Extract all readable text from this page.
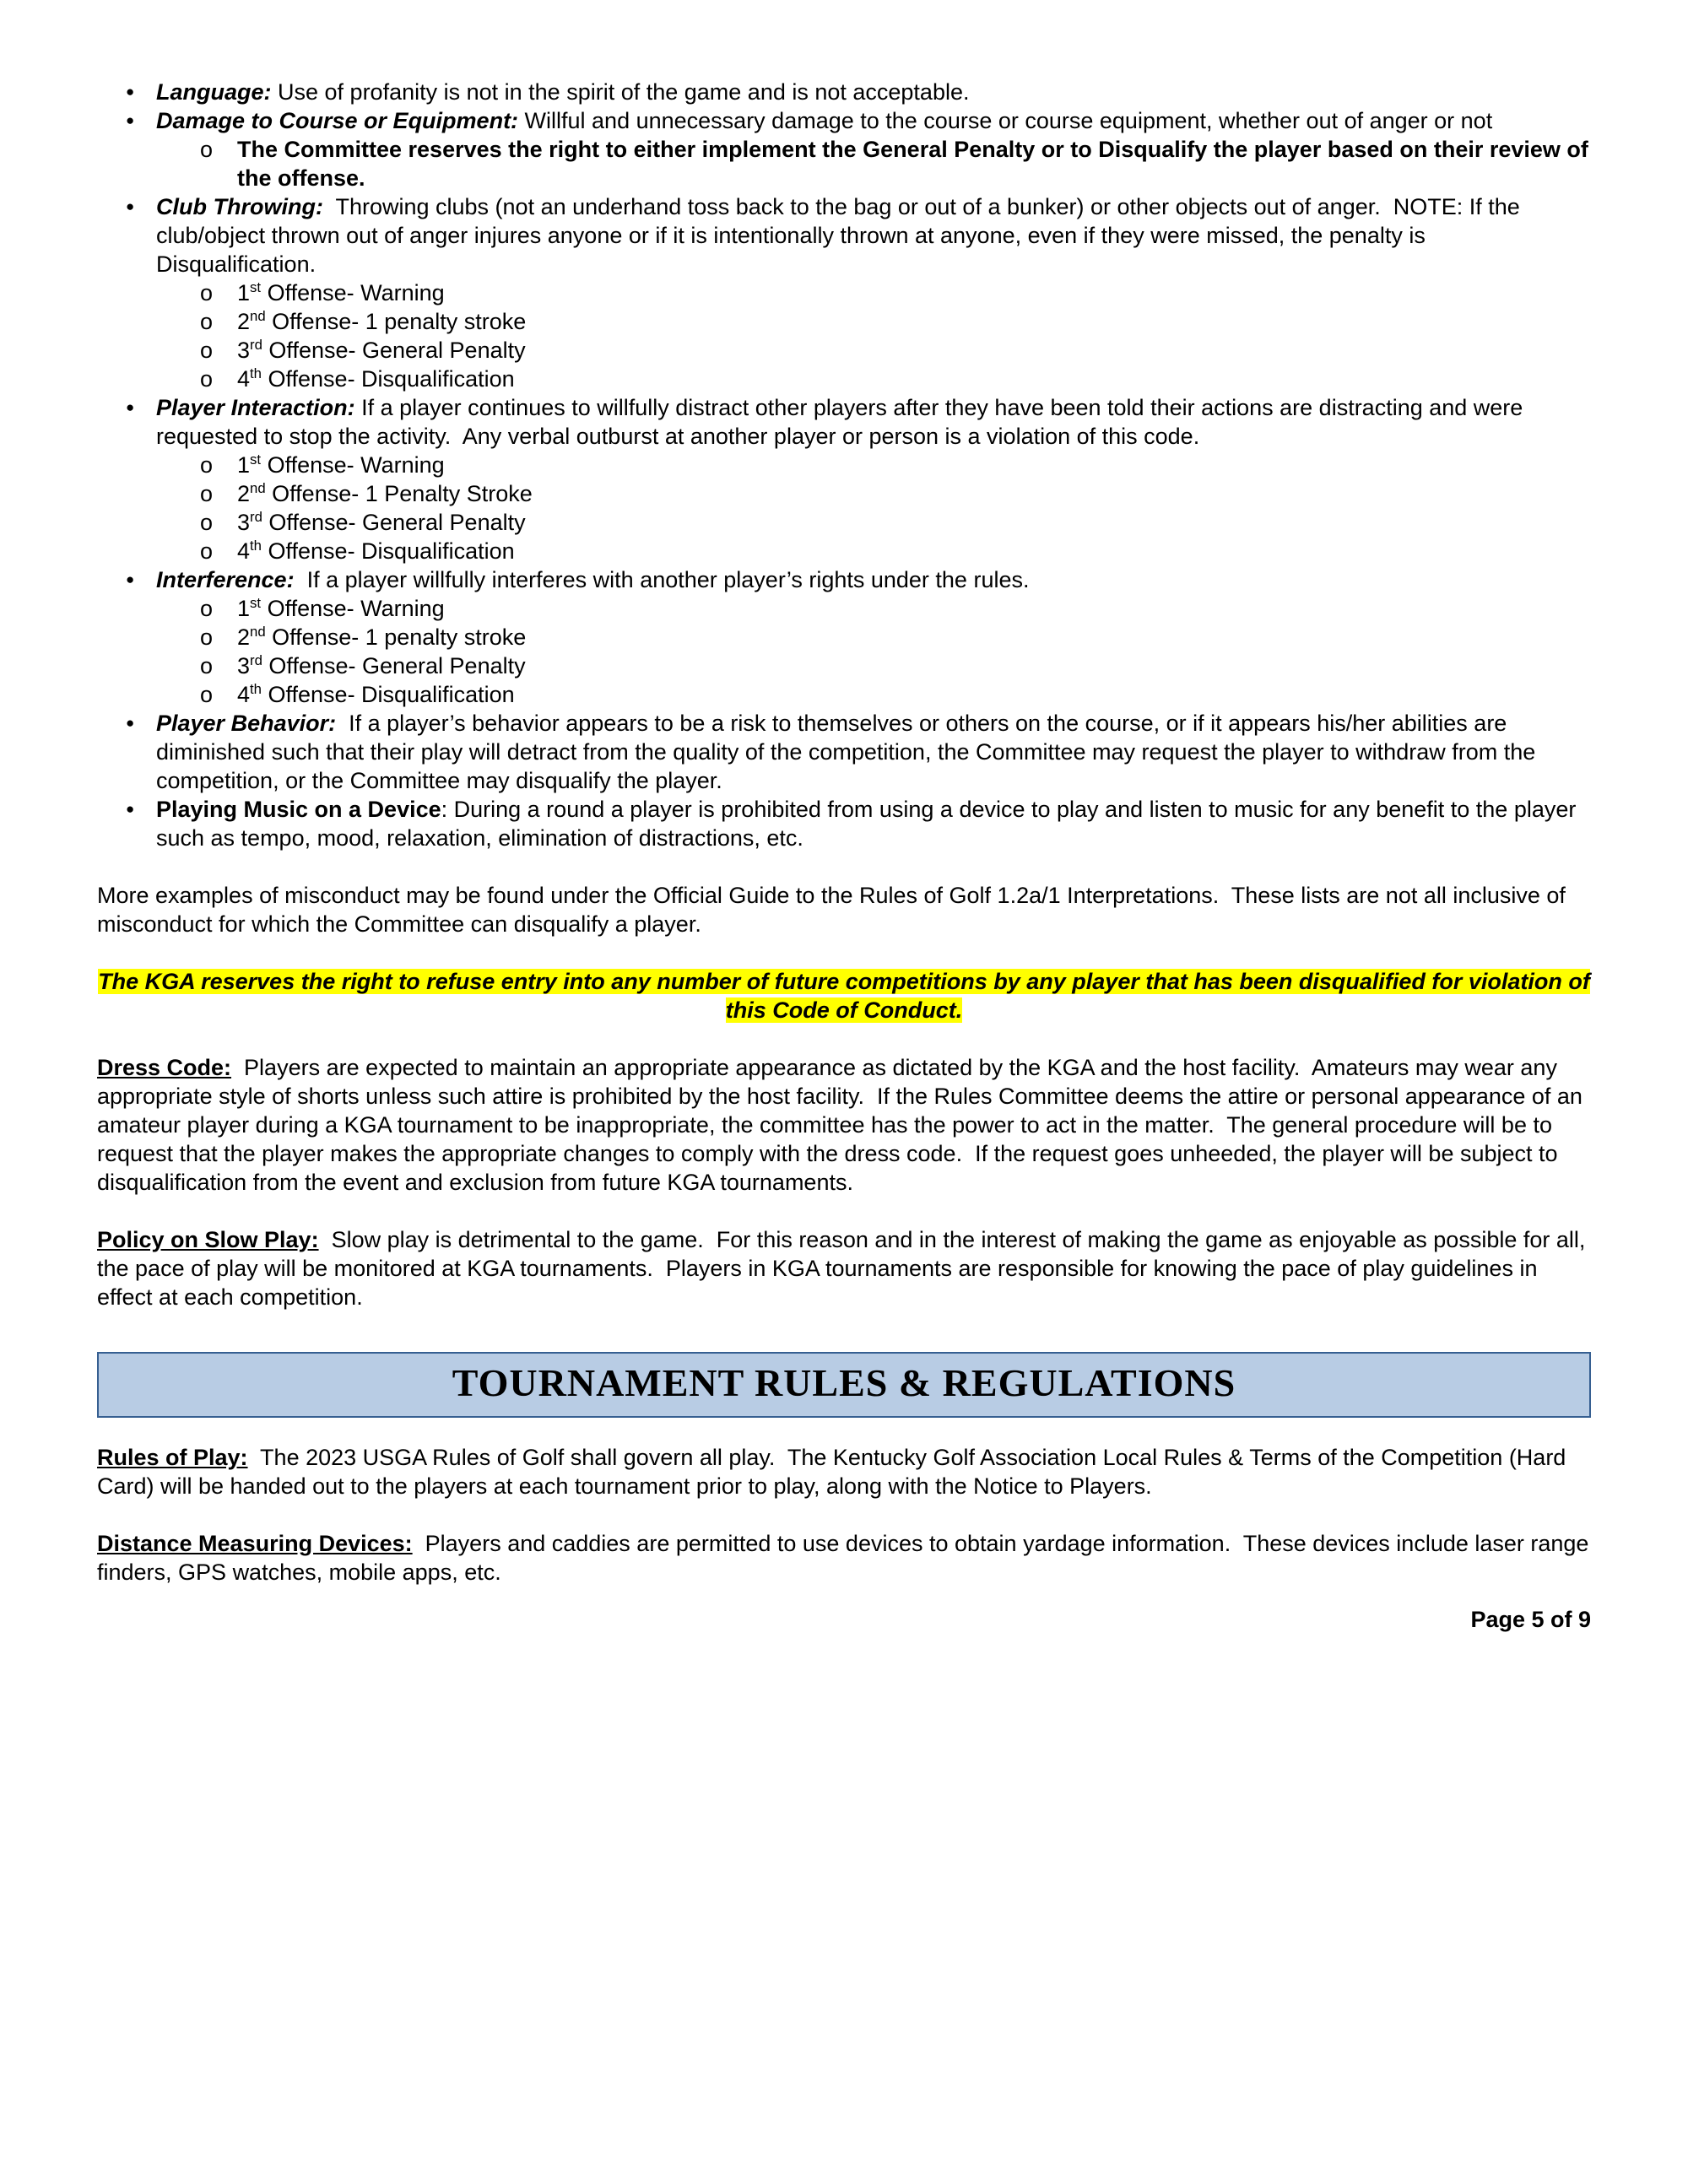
● Language: Use of profanity is not in the spirit of the game and is not acceptable.
● Damage to Course or Equipment: Willful and unnecessary damage to the course or course equipment, whether out of anger or not
o	The Committee reserves the right to either implement the General Penalty or to Disqualify the player based on their review of the offense.
● Club Throwing:  Throwing clubs (not an underhand toss back to the bag or out of a bunker) or other objects out of anger.  NOTE: If the club/object thrown out of anger injures anyone or if it is intentionally thrown at anyone, even if they were missed, the penalty is Disqualification.
o	1st Offense- Warning
o	2nd Offense- 1 penalty stroke
o	3rd Offense- General Penalty
o	4th Offense- Disqualification
● Player Interaction: If a player continues to willfully distract other players after they have been told their actions are distracting and were requested to stop the activity.  Any verbal outburst at another player or person is a violation of this code.
o	1st Offense- Warning
o	2nd Offense- 1 Penalty Stroke
o	3rd Offense- General Penalty
o	4th Offense- Disqualification
● Interference:  If a player willfully interferes with another player’s rights under the rules.
o	1st Offense- Warning
o	2nd Offense- 1 penalty stroke
o	3rd Offense- General Penalty
o	4th Offense- Disqualification
● Player Behavior:  If a player’s behavior appears to be a risk to themselves or others on the course, or if it appears his/her abilities are diminished such that their play will detract from the quality of the competition, the Committee may request the player to withdraw from the competition, or the Committee may disqualify the player.
● Playing Music on a Device: During a round a player is prohibited from using a device to play and listen to music for any benefit to the player such as tempo, mood, relaxation, elimination of distractions, etc.

More examples of misconduct may be found under the Official Guide to the Rules of Golf 1.2a/1 Interpretations.  These lists are not all inclusive of misconduct for which the Committee can disqualify a player.

The KGA reserves the right to refuse entry into any number of future competitions by any player that has been disqualified for violation of this Code of Conduct.

Dress Code:  Players are expected to maintain an appropriate appearance as dictated by the KGA and the host facility.  Amateurs may wear any appropriate style of shorts unless such attire is prohibited by the host facility.  If the Rules Committee deems the attire or personal appearance of an amateur player during a KGA tournament to be inappropriate, the committee has the power to act in the matter.  The general procedure will be to request that the player makes the appropriate changes to comply with the dress code.  If the request goes unheeded, the player will be subject to disqualification from the event and exclusion from future KGA tournaments.

Policy on Slow Play:  Slow play is detrimental to the game.  For this reason and in the interest of making the game as enjoyable as possible for all, the pace of play will be monitored at KGA tournaments.  Players in KGA tournaments are responsible for knowing the pace of play guidelines in effect at each competition.

TOURNAMENT RULES & REGULATIONS

Rules of Play:  The 2023 USGA Rules of Golf shall govern all play.  The Kentucky Golf Association Local Rules & Terms of the Competition (Hard Card) will be handed out to the players at each tournament prior to play, along with the Notice to Players.

Distance Measuring Devices:  Players and caddies are permitted to use devices to obtain yardage information.  These devices include laser range finders, GPS watches, mobile apps, etc.

Page 5 of 9
